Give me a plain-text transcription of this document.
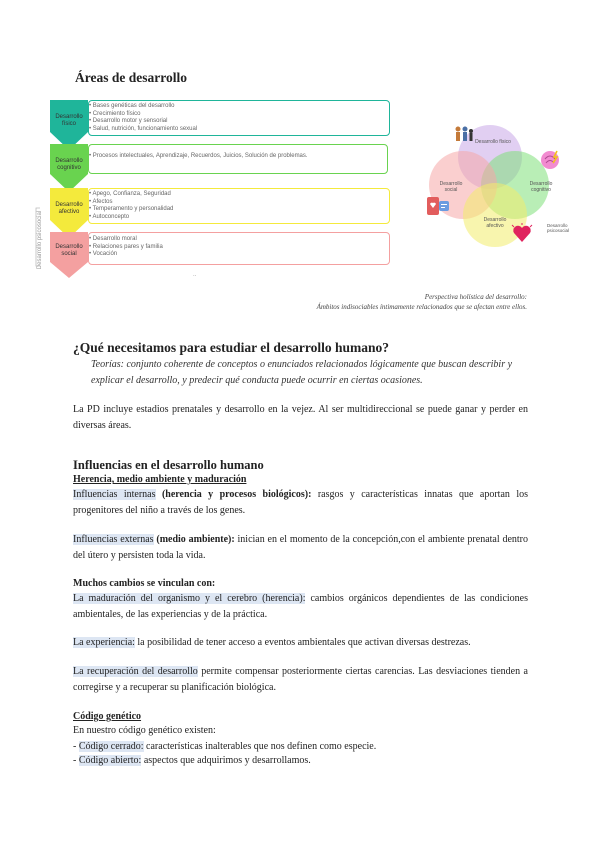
Áreas de desarrollo
Desarrollo físico
Desarrollo cognitivo
Desarrollo afectivo
Desarrollo social
Desarrollo psicosocial
• Bases genéticas del desarrollo
• Crecimiento físico
• Desarrollo motor y sensorial
• Salud, nutrición, funcionamiento sexual
• Procesos intelectuales, Aprendizaje, Recuerdos, Juicios, Solución de problemas.
• Apego, Confianza, Seguridad
• Afectos
• Temperamento y personalidad
• Autoconcepto
• Desarrollo moral
• Relaciones pares y familia
• Vocación
..
Desarrollo físico
Desarrollo cognitivo
Desarrollo social
Desarrollo afectivo	Desarrollo psicosocial
Perspectiva holística del desarrollo:
Ámbitos indisociables íntimamente relacionados que se afectan entre ellos.
¿Qué necesitamos para estudiar el desarrollo humano?
Teorías: conjunto coherente de conceptos o enunciados relacionados lógicamente que buscan describir y explicar el desarrollo, y predecir qué conducta puede ocurrir en ciertas ocasiones.
La PD incluye estadios prenatales y desarrollo en la vejez. Al ser multidireccional se puede ganar y perder en diversas áreas.
Influencias en el desarrollo humano
Herencia, medio ambiente y maduración
Influencias internas (herencia y procesos biológicos): rasgos y características innatas que aportan los progenitores del niño a través de los genes.
Influencias externas (medio ambiente): inician en el momento de la concepción,con el ambiente prenatal dentro del útero y persisten toda la vida.
Muchos cambios se vinculan con:
La maduración del organismo y el cerebro (herencia): cambios orgánicos dependientes de las condiciones ambientales, de las experiencias y de la práctica.
La experiencia: la posibilidad de tener acceso a eventos ambientales que activan diversas destrezas.
La recuperación del desarrollo permite compensar posteriormente ciertas carencias. Las desviaciones tienden a corregirse y a recuperar su planificación biológica.
Código genético
En nuestro código genético existen:
- Código cerrado: características inalterables que nos definen como especie.
- Código abierto: aspectos que adquirimos y desarrollamos.
